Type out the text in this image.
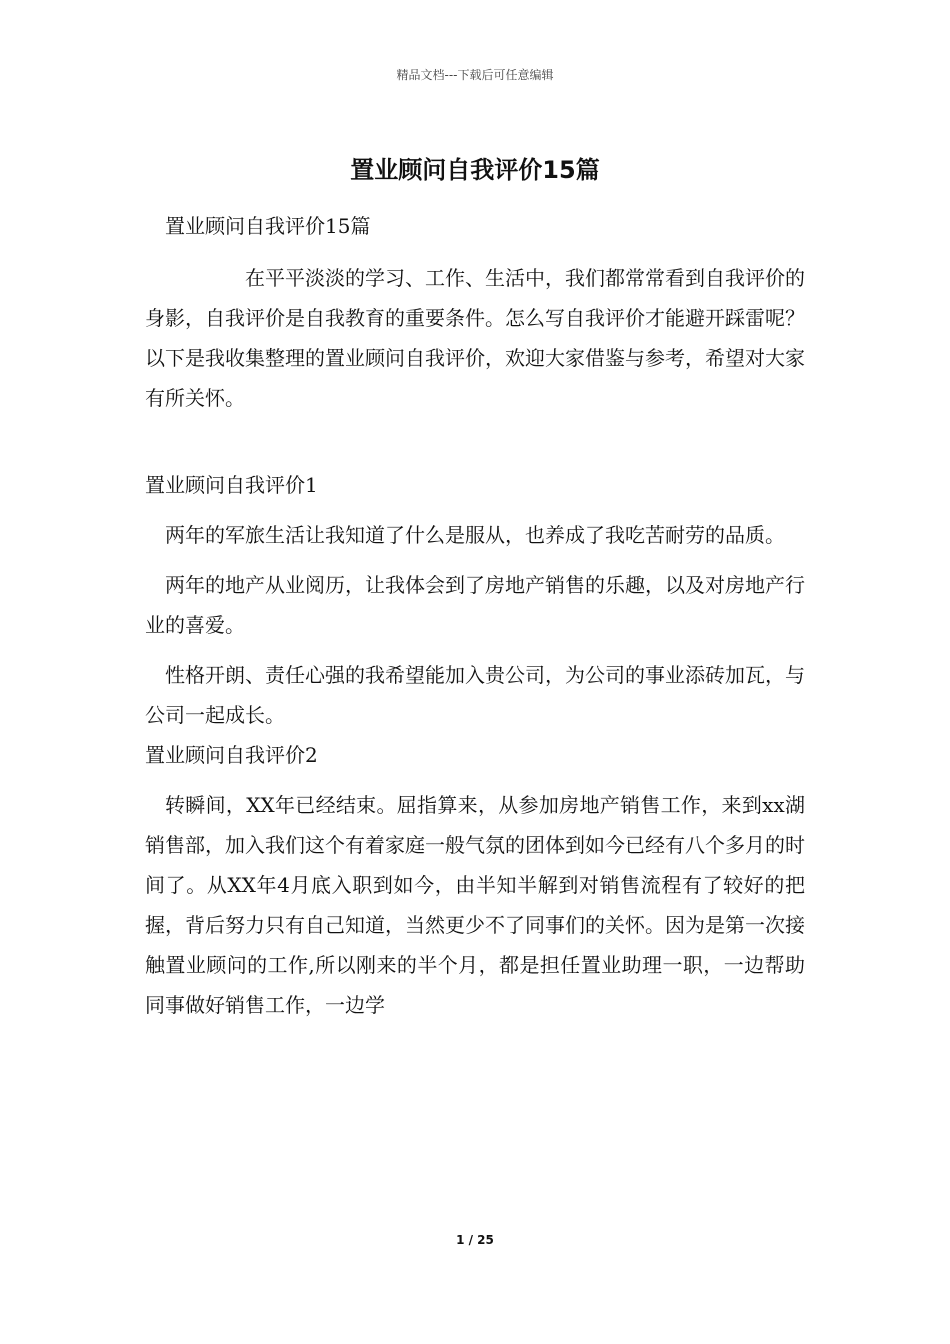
精品文档---下载后可任意编辑
置业顾问自我评价15篇
置业顾问自我评价15篇

在平平淡淡的学习、工作、生活中，我们都常常看到自我评价的身影，自我评价是自我教育的重要条件。怎么写自我评价才能避开踩雷呢？以下是我收集整理的置业顾问自我评价，欢迎大家借鉴与参考，希望对大家有所关怀。

置业顾问自我评价1

两年的军旅生活让我知道了什么是服从，也养成了我吃苦耐劳的品质。

两年的地产从业阅历，让我体会到了房地产销售的乐趣，以及对房地产行业的喜爱。

性格开朗、责任心强的我希望能加入贵公司，为公司的事业添砖加瓦，与公司一起成长。

置业顾问自我评价2

转瞬间，XX年已经结束。屈指算来，从参加房地产销售工作，来到xx湖销售部，加入我们这个有着家庭一般气氛的团体到如今已经有八个多月的时间了。从XX年4月底入职到如今，由半知半解到对销售流程有了较好的把握，背后努力只有自己知道，当然更少不了同事们的关怀。因为是第一次接触置业顾问的工作,所以刚来的半个月，都是担任置业助理一职，一边帮助同事做好销售工作，一边学

1 / 25
